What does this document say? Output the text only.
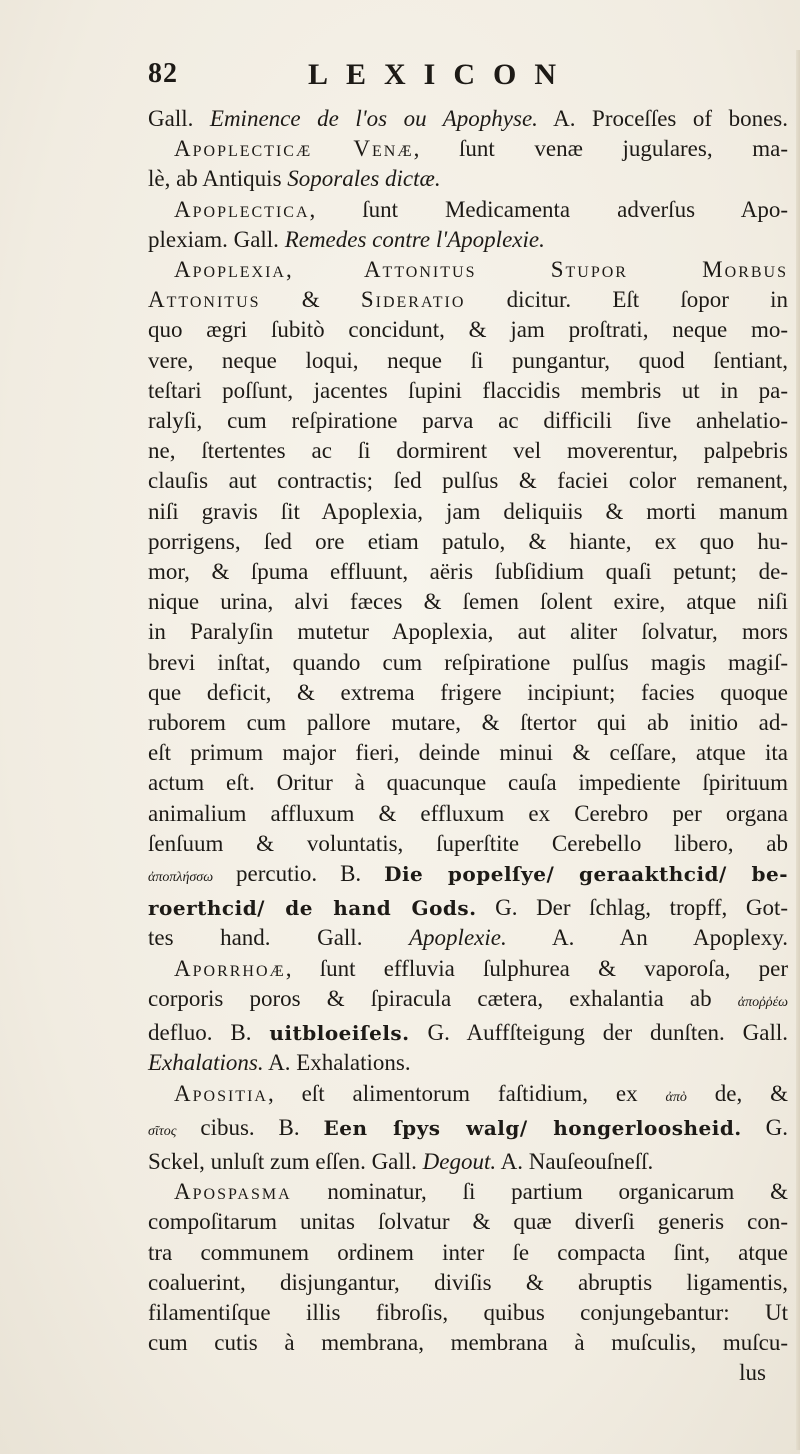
82	LEXICON
Gall. Eminence de l'os ou Apophyse. A. Proceſſes of bones.
Apoplecticæ Venæ, ſunt venæ jugulares, ma-
lè, ab Antiquis Soporales dictæ.
Apoplectica, ſunt Medicamenta adverſus Apo-
plexiam. Gall. Remedes contre l'Apoplexie.
Apoplexia, Attonitus Stupor Morbus
Attonitus & Sideratio dicitur. Eſt ſopor in
quo ægri ſubitò concidunt, & jam proſtrati, neque mo-
vere, neque loqui, neque ſi pungantur, quod ſentiant,
teſtari poſſunt, jacentes ſupini flaccidis membris ut in pa-
ralyſi, cum reſpiratione parva ac difficili ſive anhelatio-
ne, ſtertentes ac ſi dormirent vel moverentur, palpebris
clauſis aut contractis; ſed pulſus & faciei color remanent,
niſi gravis ſit Apoplexia, jam deliquiis & morti manum
porrigens, ſed ore etiam patulo, & hiante, ex quo hu-
mor, & ſpuma effluunt, aëris ſubſidium quaſi petunt; de-
nique urina, alvi fæces & ſemen ſolent exire, atque niſi
in Paralyſin mutetur Apoplexia, aut aliter ſolvatur, mors
brevi inſtat, quando cum reſpiratione pulſus magis magiſ-
que deficit, & extrema frigere incipiunt; facies quoque
ruborem cum pallore mutare, & ſtertor qui ab initio ad-
eſt primum major fieri, deinde minui & ceſſare, atque ita
actum eſt. Oritur à quacunque cauſa impediente ſpirituum
animalium affluxum & effluxum ex Cerebro per organa
ſenſuum & voluntatis, ſuperſtite Cerebello libero, ab
ἀποπλήσσω percutio. B. Die popelſye/ geraakthcid/ be-
roerthcid/ de hand Gods. G. Der ſchlag, tropff, Got-
tes hand. Gall. Apoplexie. A. An Apoplexy.
Aporrhoæ, ſunt effluvia ſulphurea & vaporoſa, per
corporis poros & ſpiracula cætera, exhalantia ab ἀποῤῥέω
defluo. B. uitbloeiſels. G. Auffſteigung der dunſten. Gall.
Exhalations. A. Exhalations.
Apositia, eſt alimentorum faſtidium, ex ἀπὸ de, &
σῖτος cibus. B. Een ſpys walg/ hongerloosheid. G.
Sckel, unluſt zum eſſen. Gall. Degout. A. Nauſeouſneſſ.
Apospasma nominatur, ſi partium organicarum &
compoſitarum unitas ſolvatur & quæ diverſi generis con-
tra communem ordinem inter ſe compacta ſint, atque
coaluerint, disjungantur, diviſis & abruptis ligamentis,
filamentiſque illis fibroſis, quibus conjungebantur: Ut
cum cutis à membrana, membrana à muſculis, muſcu-
lus
